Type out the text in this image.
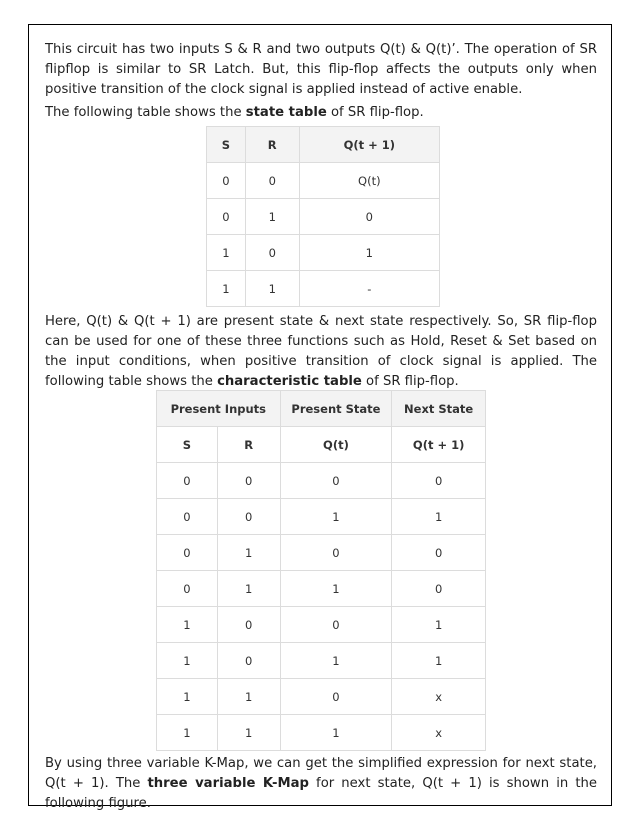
This circuit has two inputs S & R and two outputs Q(t) & Q(t)’. The operation of SR flipflop is similar to SR Latch. But, this flip-flop affects the outputs only when positive transition of the clock signal is applied instead of active enable.

The following table shows the state table of SR flip-flop.

S	R	Q(t + 1)
0	0	Q(t)
0	1	0
1	0	1
1	1	-

Here, Q(t) & Q(t + 1) are present state & next state respectively. So, SR flip-flop can be used for one of these three functions such as Hold, Reset & Set based on the input conditions, when positive transition of clock signal is applied. The following table shows the characteristic table of SR flip-flop.

Present Inputs		Present State	Next State
S	R	Q(t)	Q(t + 1)
0	0	0	0
0	0	1	1
0	1	0	0
0	1	1	0
1	0	0	1
1	0	1	1
1	1	0	x
1	1	1	x

By using three variable K-Map, we can get the simplified expression for next state, Q(t + 1). The three variable K-Map for next state, Q(t + 1) is shown in the following figure.
